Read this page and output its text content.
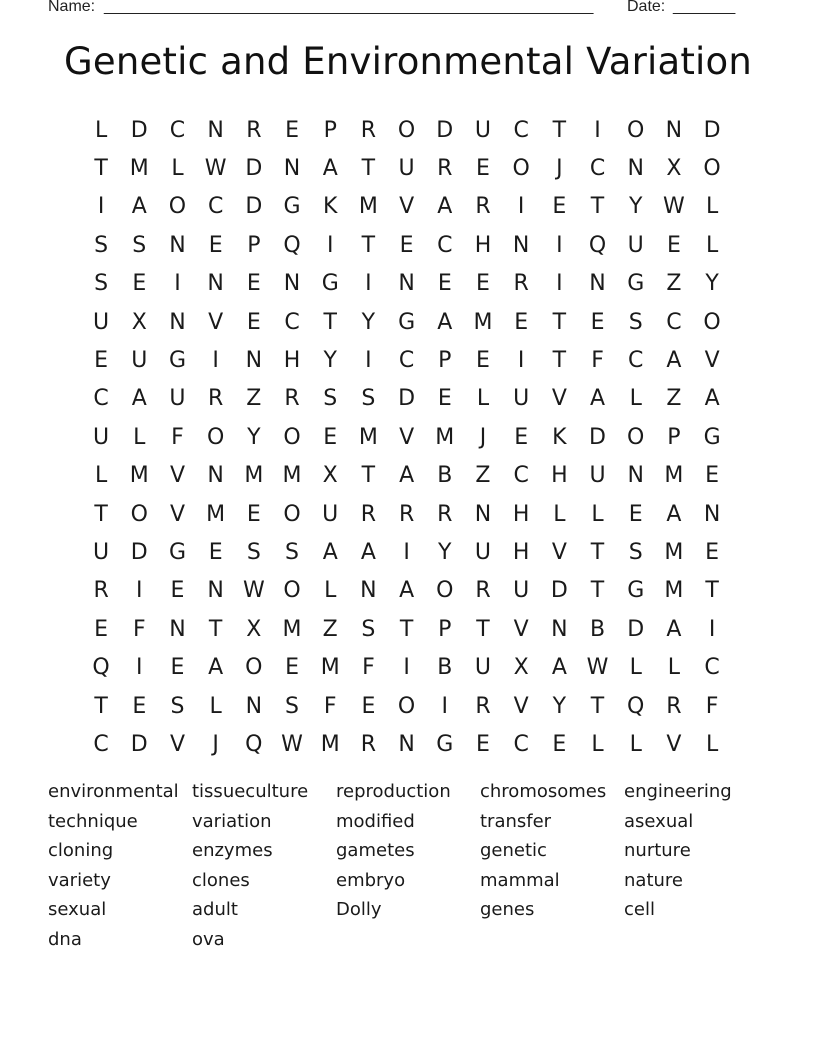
Name: _______________________________________________________ Date: _______
Genetic and Environmental Variation
L	D	C	N	R	E	P	R O D U	C	T	I	O N D
T M	L W D N	A	T	U	R	E	O	J	C	N	X O
I	A O C	D G	K M V	A	R	I	E	T	Y W L
S	S	N	E	P	Q	I	T	E	C	H N	I	Q U	E	L
S	E	I	N	E	N G	I	N	E	E	R	I	N G	Z	Y
U	X	N	V	E	C	T	Y	G	A M E	T	E	S	C O
E	U G	I	N H	Y	I	C	P	E	I	T	F	C	A	V
C	A	U	R	Z	R	S	S	D	E	L	U	V	A	L	Z	A
U	L	F	O	Y	O	E M V M	J	E	K	D O	P	G
L	M V	N M M X	T	A	B	Z	C	H U N M E
T	O	V M E	O U	R	R	R	N H	L	L	E	A	N
U D G	E	S	S	A	A	I	Y	U H	V	T	S M E
R	I	E	N W O	L	N	A O R	U D	T	G M T
E	F	N	T	X M Z	S	T	P	T	V	N	B	D	A	I
Q	I	E	A O	E M	F	I	B	U	X	A W L	L	C
T	E	S	L	N	S	F	E	O	I	R	V	Y	T	Q R	F
C	D	V	J	Q W M R	N G	E	C	E	L	L	V	L
environmental tissueculture	reproduction	chromosomes engineering
technique	variation	modified	transfer	asexual
cloning	enzymes	gametes	genetic	nurture
variety	clones	embryo	mammal	nature
sexual	adult	Dolly	genes	cell
dna	ova
